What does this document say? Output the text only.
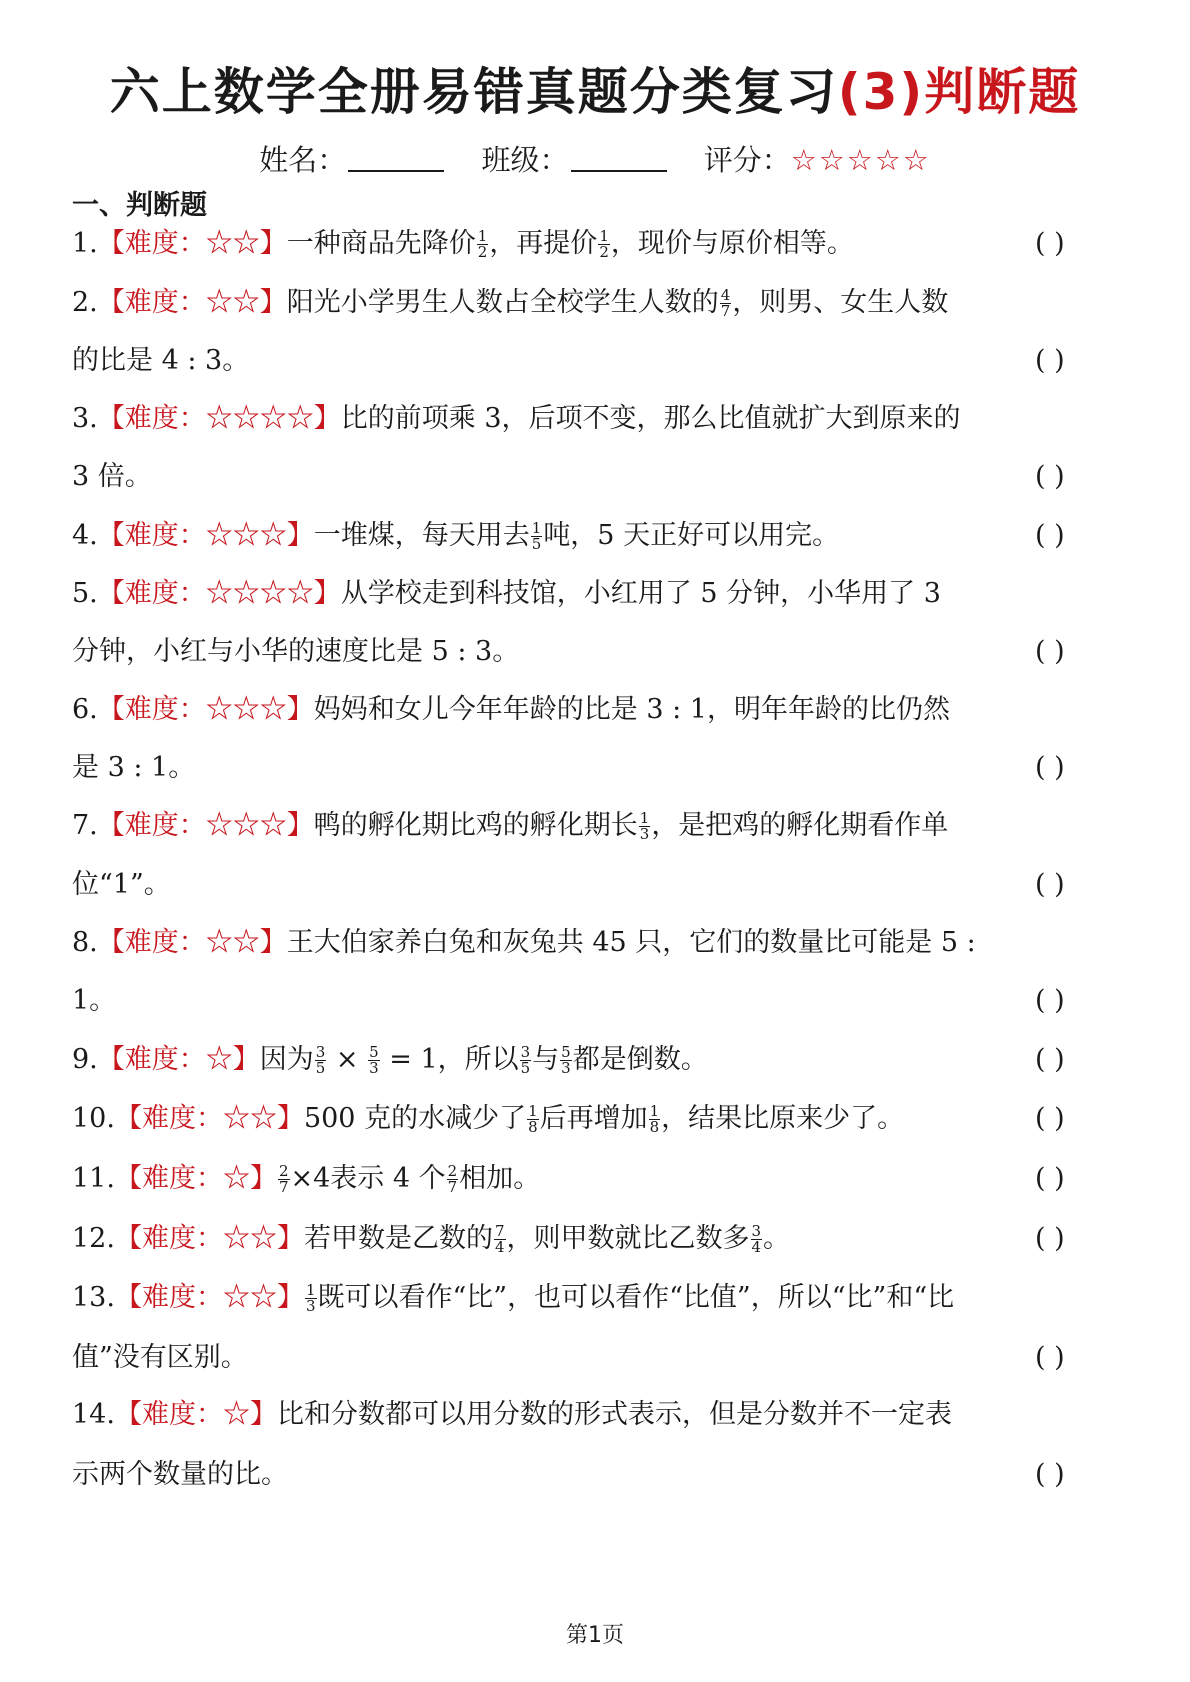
六上数学全册易错真题分类复习(3)判断题
姓名：	班级：	评分：☆☆☆☆☆
一、判断题
1.【难度：☆☆】一种商品先降价 $\frac{1}{2}$ ，再提价 $\frac{1}{2}$ ，现价与原价相等。	( )
2.【难度：☆☆】阳光小学男生人数占全校学生人数的 $\frac{4}{7}$ ，则男、女生人数
的比是 4 : 3。	( )
3.【难度：☆☆☆☆】比的前项乘 3，后项不变，那么比值就扩大到原来的
3 倍。	( )
4.【难度：☆☆☆】一堆煤，每天用去 $\frac{1}{5}$ 吨，5 天正好可以用完。	( )
5.【难度：☆☆☆☆】从学校走到科技馆，小红用了 5 分钟，小华用了 3
分钟，小红与小华的速度比是 5 : 3。	( )
6.【难度：☆☆☆】妈妈和女儿今年年龄的比是 3 : 1，明年年龄的比仍然
是 3 : 1。	( )
7.【难度：☆☆☆】鸭的孵化期比鸡的孵化期长 $\frac{1}{3}$ ，是把鸡的孵化期看作单
位“1”。	( )
8.【难度：☆☆】王大伯家养白兔和灰兔共 45 只，它们的数量比可能是 5 :
1。	( )
9.【难度：☆】因为 $\frac{3}{5} \times \frac{5}{3} = 1$，所以 $\frac{3}{5}$ 与 $\frac{5}{3}$ 都是倒数。	( )
10.【难度：☆☆】500 克的水减少了 $\frac{1}{8}$ 后再增加 $\frac{1}{8}$ ，结果比原来少了。	( )
11.【难度：☆】 $\frac{2}{7} \times 4$表示 4 个 $\frac{2}{7}$ 相加。	( )
12.【难度：☆☆】若甲数是乙数的 $\frac{7}{4}$ ，则甲数就比乙数多 $\frac{3}{4}$ 。	( )
13.【难度：☆☆】 $\frac{1}{3}$ 既可以看作“比”，也可以看作“比值”，所以“比”和“比
值”没有区别。	( )
14.【难度：☆】比和分数都可以用分数的形式表示，但是分数并不一定表
示两个数量的比。	( )
第1页
